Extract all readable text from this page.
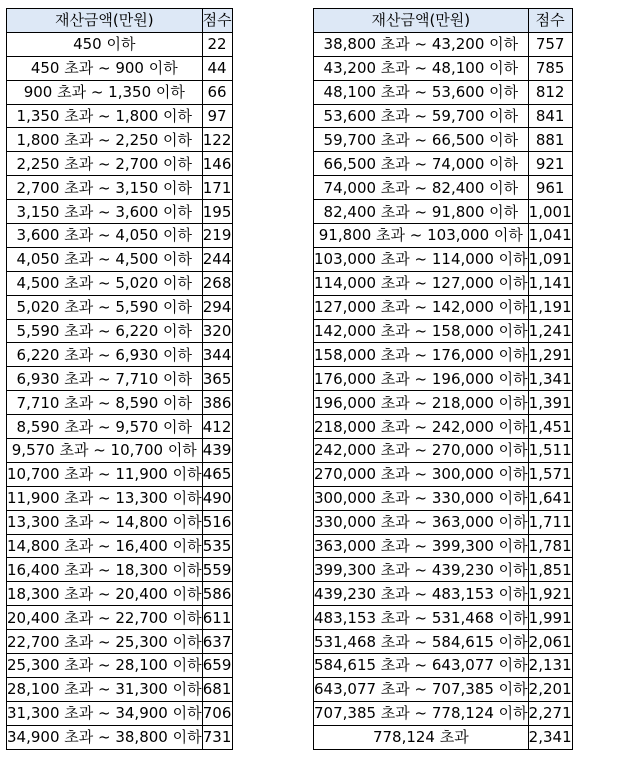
재산금액(만원)	점수
450 이하	22
450 초과 ~ 900 이하	44
900 초과 ~ 1,350 이하	66
1,350 초과 ~ 1,800 이하	97
1,800 초과 ~ 2,250 이하	122
2,250 초과 ~ 2,700 이하	146
2,700 초과 ~ 3,150 이하	171
3,150 초과 ~ 3,600 이하	195
3,600 초과 ~ 4,050 이하	219
4,050 초과 ~ 4,500 이하	244
4,500 초과 ~ 5,020 이하	268
5,020 초과 ~ 5,590 이하	294
5,590 초과 ~ 6,220 이하	320
6,220 초과 ~ 6,930 이하	344
6,930 초과 ~ 7,710 이하	365
7,710 초과 ~ 8,590 이하	386
8,590 초과 ~ 9,570 이하	412
9,570 초과 ~ 10,700 이하	439
10,700 초과 ~ 11,900 이하	465
11,900 초과 ~ 13,300 이하	490
13,300 초과 ~ 14,800 이하	516
14,800 초과 ~ 16,400 이하	535
16,400 초과 ~ 18,300 이하	559
18,300 초과 ~ 20,400 이하	586
20,400 초과 ~ 22,700 이하	611
22,700 초과 ~ 25,300 이하	637
25,300 초과 ~ 28,100 이하	659
28,100 초과 ~ 31,300 이하	681
31,300 초과 ~ 34,900 이하	706
34,900 초과 ~ 38,800 이하	731
재산금액(만원)	점수
38,800 초과 ~ 43,200 이하	757
43,200 초과 ~ 48,100 이하	785
48,100 초과 ~ 53,600 이하	812
53,600 초과 ~ 59,700 이하	841
59,700 초과 ~ 66,500 이하	881
66,500 초과 ~ 74,000 이하	921
74,000 초과 ~ 82,400 이하	961
82,400 초과 ~ 91,800 이하	1,001
91,800 초과 ~ 103,000 이하	1,041
103,000 초과 ~ 114,000 이하	1,091
114,000 초과 ~ 127,000 이하	1,141
127,000 초과 ~ 142,000 이하	1,191
142,000 초과 ~ 158,000 이하	1,241
158,000 초과 ~ 176,000 이하	1,291
176,000 초과 ~ 196,000 이하	1,341
196,000 초과 ~ 218,000 이하	1,391
218,000 초과 ~ 242,000 이하	1,451
242,000 초과 ~ 270,000 이하	1,511
270,000 초과 ~ 300,000 이하	1,571
300,000 초과 ~ 330,000 이하	1,641
330,000 초과 ~ 363,000 이하	1,711
363,000 초과 ~ 399,300 이하	1,781
399,300 초과 ~ 439,230 이하	1,851
439,230 초과 ~ 483,153 이하	1,921
483,153 초과 ~ 531,468 이하	1,991
531,468 초과 ~ 584,615 이하	2,061
584,615 초과 ~ 643,077 이하	2,131
643,077 초과 ~ 707,385 이하	2,201
707,385 초과 ~ 778,124 이하	2,271
778,124 초과	2,341
